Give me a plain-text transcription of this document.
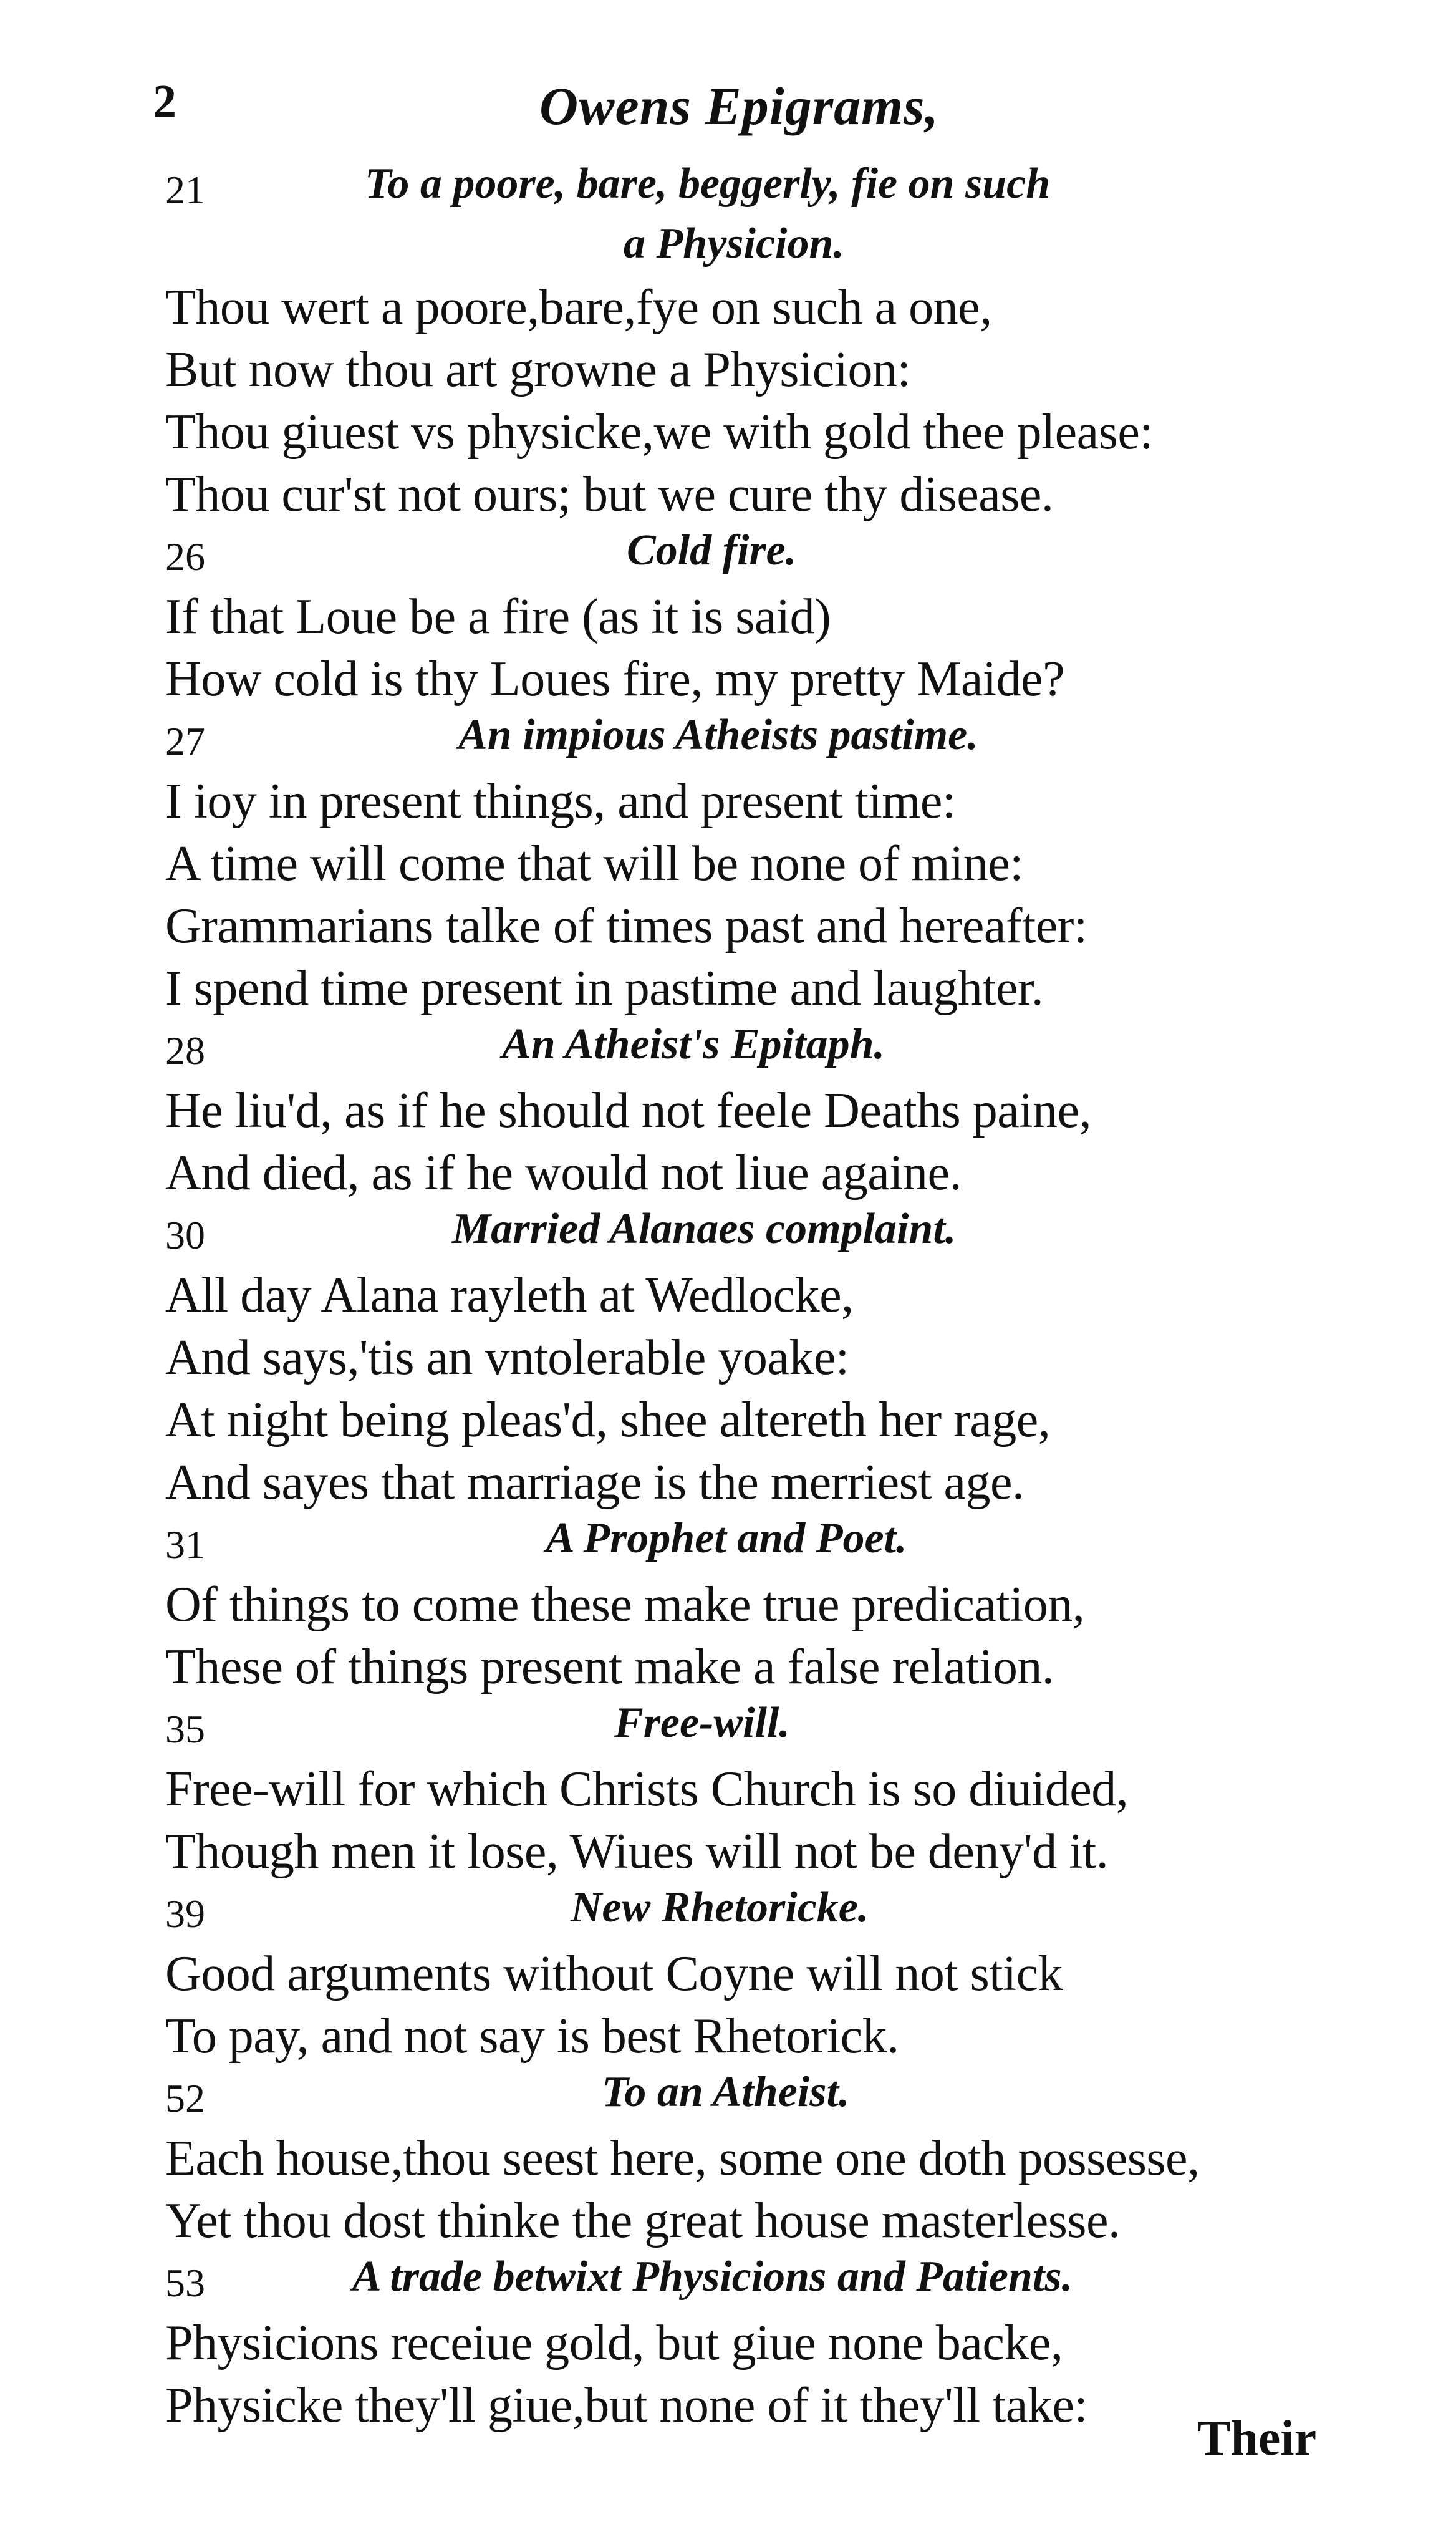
2	Owens Epigrams,
21	To a poore, bare, beggerly, fie on such
a Physicion.
Thou wert a poore,bare,fye on such a one,
But now thou art growne a Physicion:
Thou giuest vs physicke,we with gold thee please:
Thou cur'st not ours; but we cure thy disease.
26	Cold fire.
If that Loue be a fire (as it is said)
How cold is thy Loues fire, my pretty Maide?
27	An impious Atheists pastime.
I ioy in present things, and present time:
A time will come that will be none of mine:
Grammarians talke of times past and hereafter:
I spend time present in pastime and laughter.
28	An Atheist's Epitaph.
He liu'd, as if he should not feele Deaths paine,
And died, as if he would not liue againe.
30	Married Alanaes complaint.
All day Alana rayleth at Wedlocke,
And says,'tis an vntolerable yoake:
At night being pleas'd, shee altereth her rage,
And sayes that marriage is the merriest age.
31	A Prophet and Poet.
Of things to come these make true predication,
These of things present make a false relation.
35	Free-will.
Free-will for which Christs Church is so diuided,
Though men it lose, Wiues will not be deny'd it.
39	New Rhetoricke.
Good arguments without Coyne will not stick
To pay, and not say is best Rhetorick.
52	To an Atheist.
Each house,thou seest here, some one doth possesse,
Yet thou dost thinke the great house masterlesse.
53	A trade betwixt Physicions and Patients.
Physicions receiue gold, but giue none backe,
Physicke they'll giue,but none of it they'll take:
Their
